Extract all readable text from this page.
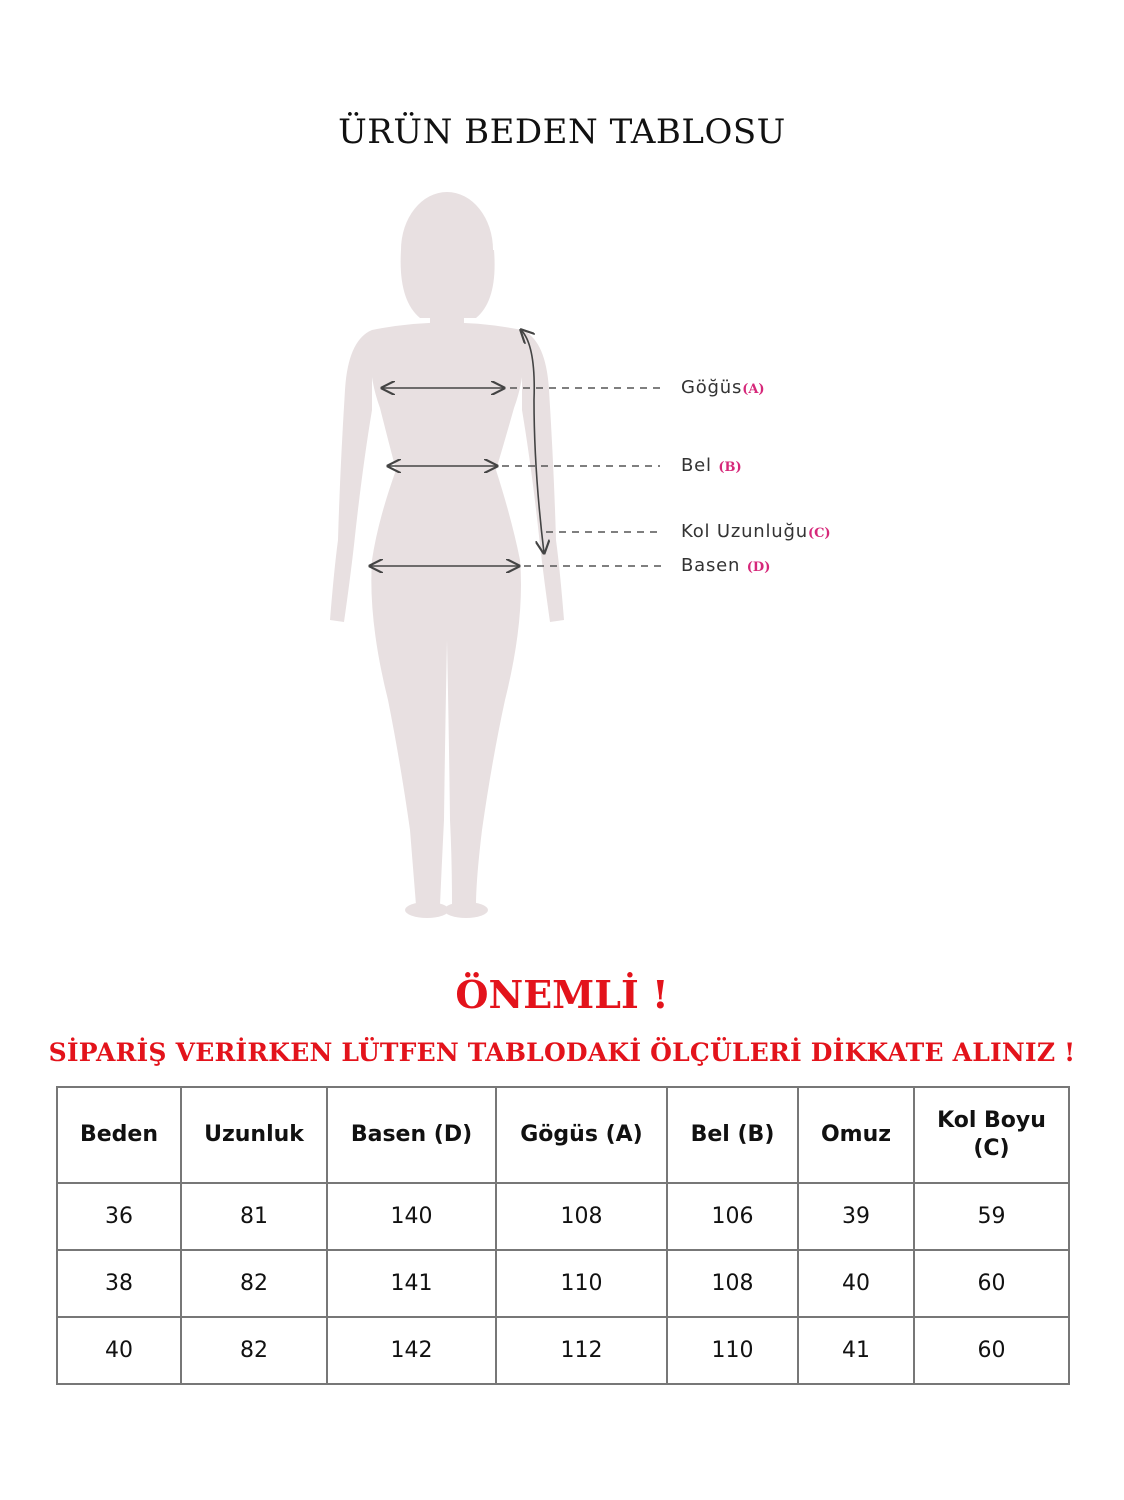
ÜRÜN BEDEN TABLOSU
Göğüs(A)
Bel (B)
Kol Uzunluğu(C)
Basen (D)
ÖNEMLİ !
SİPARİŞ VERİRKEN LÜTFEN TABLODAKİ ÖLÇÜLERİ DİKKATE ALINIZ !
Beden	Uzunluk	Basen (D)	Gögüs (A)	Bel (B)	Omuz	Kol Boyu (C)
36	81	140	108	106	39	59
38	82	141	110	108	40	60
40	82	142	112	110	41	60
